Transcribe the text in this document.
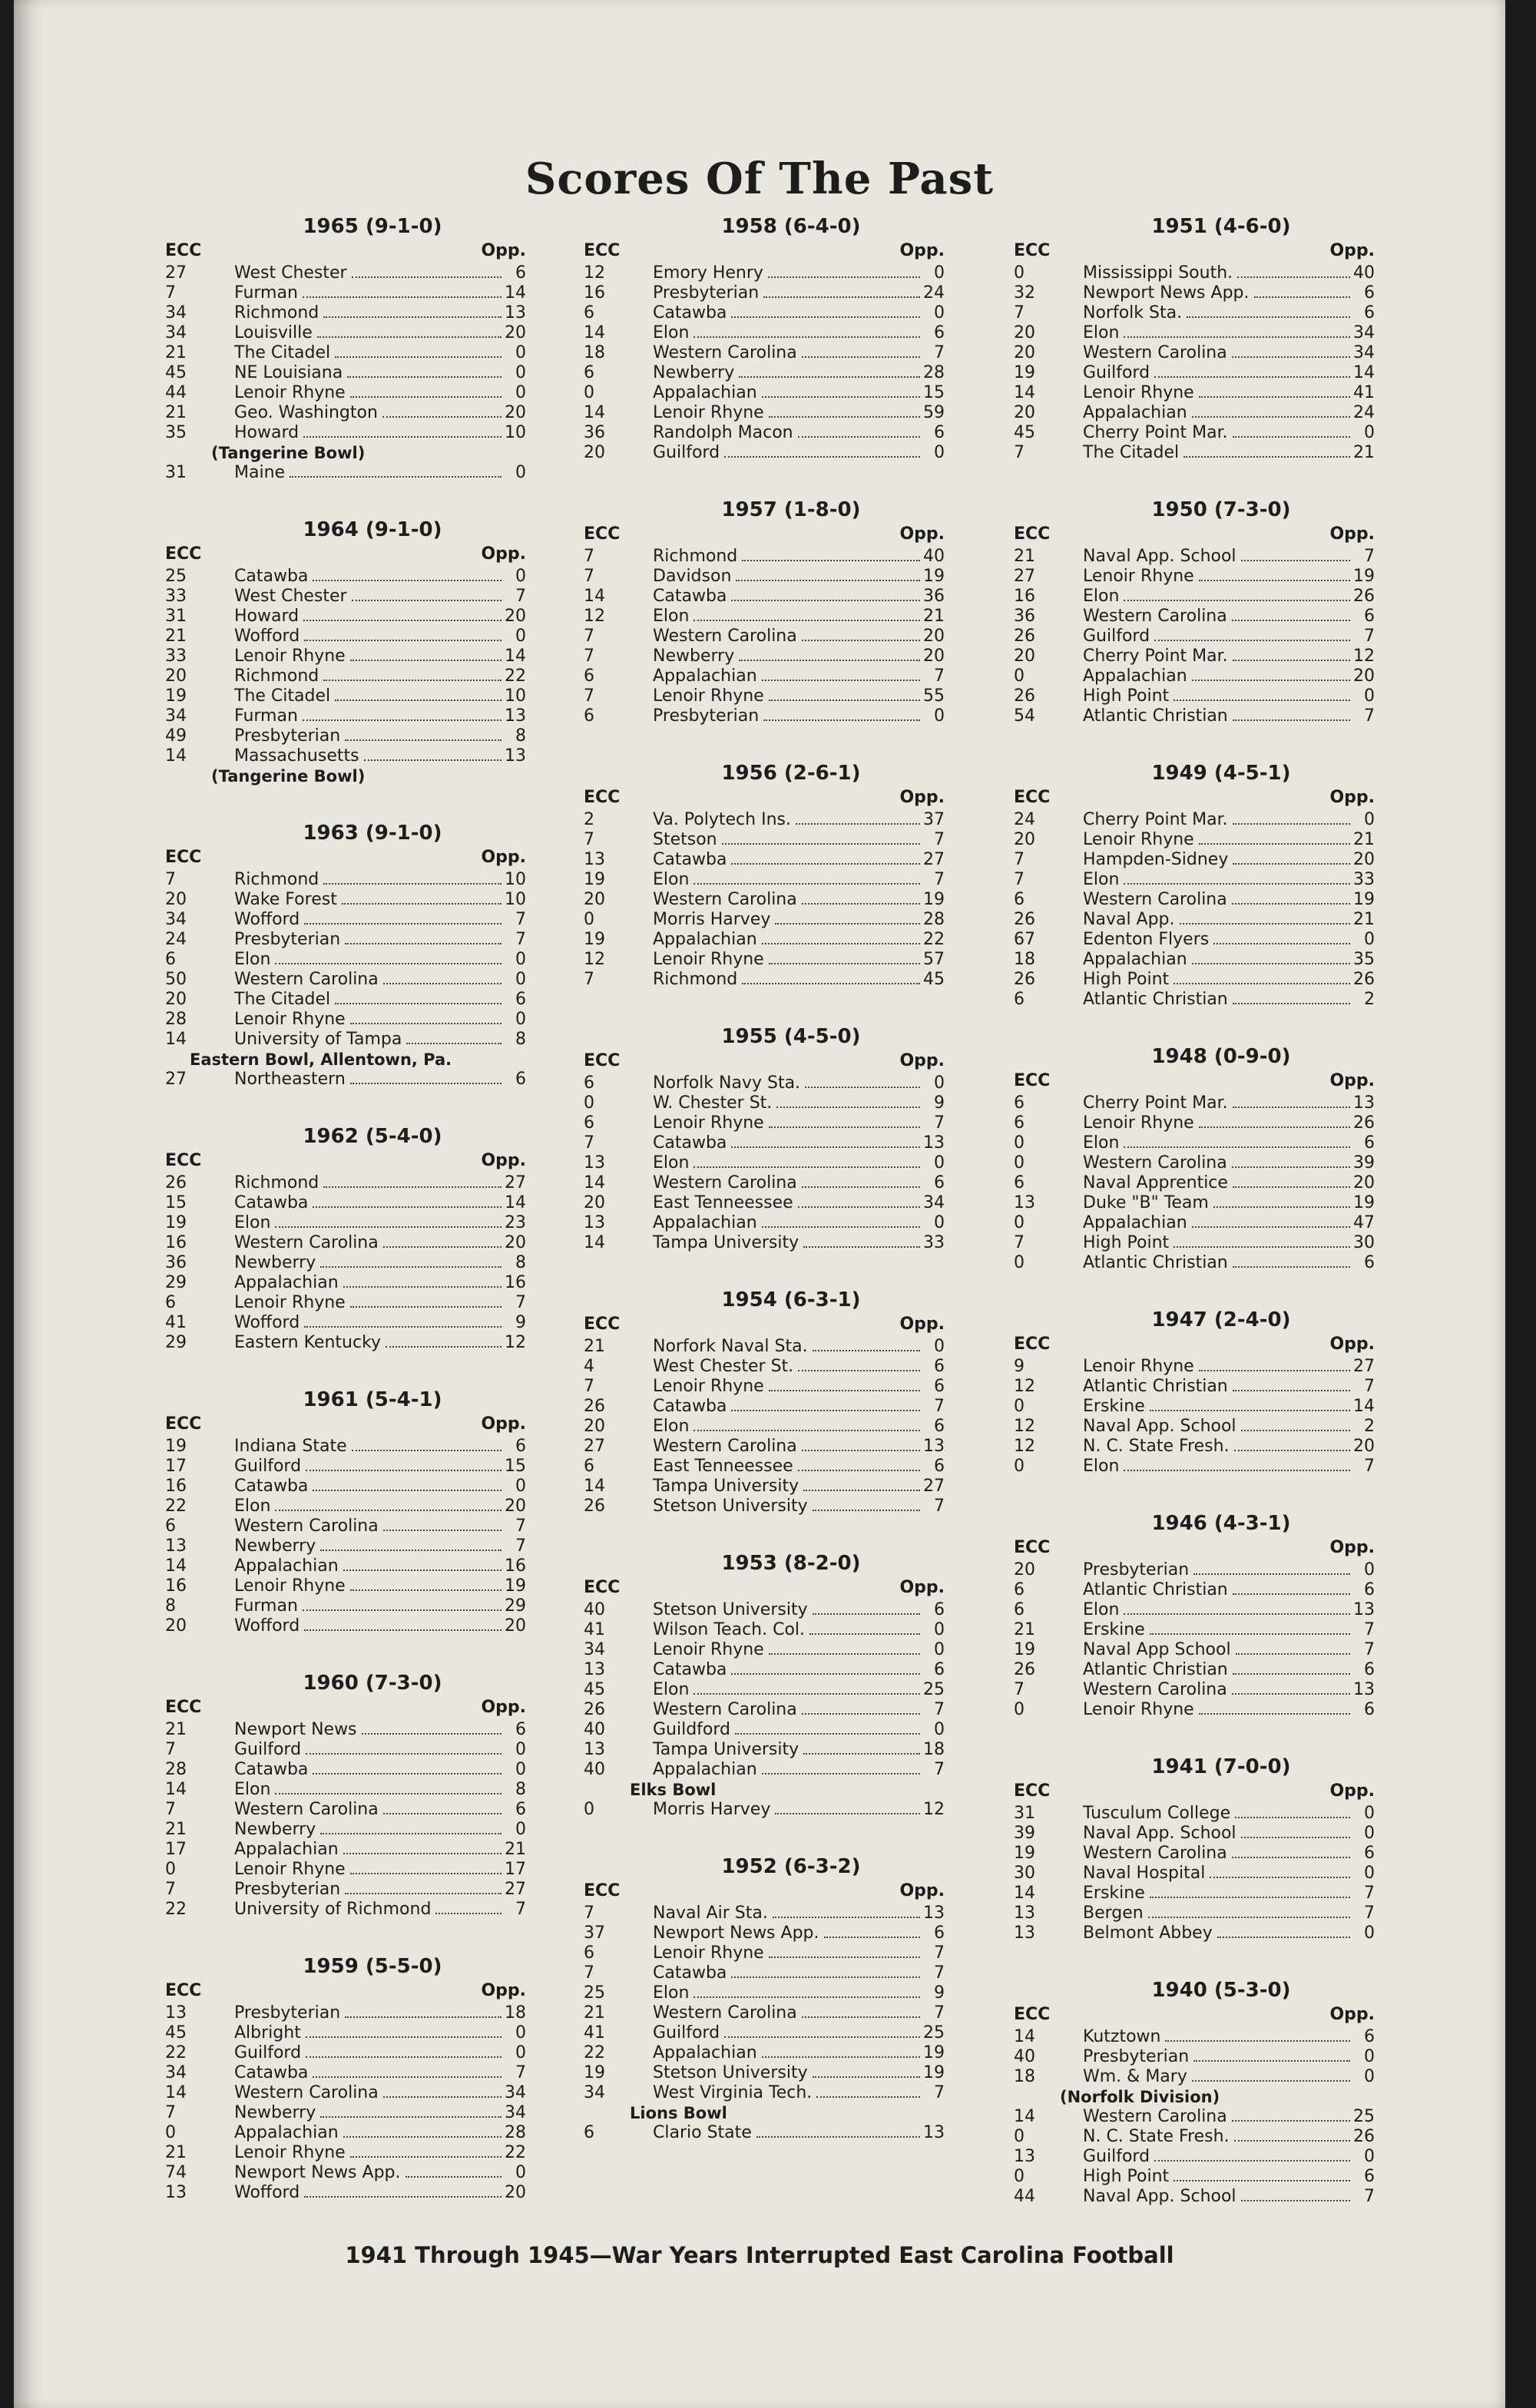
Scores Of The Past
1965 (9-1-0)
ECC	Opp.
27	West Chester	6
7	Furman	14
34	Richmond	13
34	Louisville	20
21	The Citadel	0
45	NE Louisiana	0
44	Lenoir Rhyne	0
21	Geo. Washington	20
35	Howard	10
(Tangerine Bowl)
31	Maine	0
1964 (9-1-0)
ECC	Opp.
25	Catawba	0
33	West Chester	7
31	Howard	20
21	Wofford	0
33	Lenoir Rhyne	14
20	Richmond	22
19	The Citadel	10
34	Furman	13
49	Presbyterian	8
14	Massachusetts	13
(Tangerine Bowl)
1963 (9-1-0)
ECC	Opp.
7	Richmond	10
20	Wake Forest	10
34	Wofford	7
24	Presbyterian	7
6	Elon	0
50	Western Carolina	0
20	The Citadel	6
28	Lenoir Rhyne	0
14	University of Tampa	8
Eastern Bowl, Allentown, Pa.
27	Northeastern	6
1962 (5-4-0)
ECC	Opp.
26	Richmond	27
15	Catawba	14
19	Elon	23
16	Western Carolina	20
36	Newberry	8
29	Appalachian	16
6	Lenoir Rhyne	7
41	Wofford	9
29	Eastern Kentucky	12
1961 (5-4-1)
ECC	Opp.
19	Indiana State	6
17	Guilford	15
16	Catawba	0
22	Elon	20
6	Western Carolina	7
13	Newberry	7
14	Appalachian	16
16	Lenoir Rhyne	19
8	Furman	29
20	Wofford	20
1960 (7-3-0)
ECC	Opp.
21	Newport News	6
7	Guilford	0
28	Catawba	0
14	Elon	8
7	Western Carolina	6
21	Newberry	0
17	Appalachian	21
0	Lenoir Rhyne	17
7	Presbyterian	27
22	University of Richmond	7
1959 (5-5-0)
ECC	Opp.
13	Presbyterian	18
45	Albright	0
22	Guilford	0
34	Catawba	7
14	Western Carolina	34
7	Newberry	34
0	Appalachian	28
21	Lenoir Rhyne	22
74	Newport News App.	0
13	Wofford	20
1958 (6-4-0)
ECC	Opp.
12	Emory Henry	0
16	Presbyterian	24
6	Catawba	0
14	Elon	6
18	Western Carolina	7
6	Newberry	28
0	Appalachian	15
14	Lenoir Rhyne	59
36	Randolph Macon	6
20	Guilford	0
1957 (1-8-0)
ECC	Opp.
7	Richmond	40
7	Davidson	19
14	Catawba	36
12	Elon	21
7	Western Carolina	20
7	Newberry	20
6	Appalachian	7
7	Lenoir Rhyne	55
6	Presbyterian	0
1956 (2-6-1)
ECC	Opp.
2	Va. Polytech Ins.	37
7	Stetson	7
13	Catawba	27
19	Elon	7
20	Western Carolina	19
0	Morris Harvey	28
19	Appalachian	22
12	Lenoir Rhyne	57
7	Richmond	45
1955 (4-5-0)
ECC	Opp.
6	Norfolk Navy Sta.	0
0	W. Chester St.	9
6	Lenoir Rhyne	7
7	Catawba	13
13	Elon	0
14	Western Carolina	6
20	East Tenneessee	34
13	Appalachian	0
14	Tampa University	33
1954 (6-3-1)
ECC	Opp.
21	Norfork Naval Sta.	0
4	West Chester St.	6
7	Lenoir Rhyne	6
26	Catawba	7
20	Elon	6
27	Western Carolina	13
6	East Tenneessee	6
14	Tampa University	27
26	Stetson University	7
1953 (8-2-0)
ECC	Opp.
40	Stetson University	6
41	Wilson Teach. Col.	0
34	Lenoir Rhyne	0
13	Catawba	6
45	Elon	25
26	Western Carolina	7
40	Guildford	0
13	Tampa University	18
40	Appalachian	7
Elks Bowl
0	Morris Harvey	12
1952 (6-3-2)
ECC	Opp.
7	Naval Air Sta.	13
37	Newport News App.	6
6	Lenoir Rhyne	7
7	Catawba	7
25	Elon	9
21	Western Carolina	7
41	Guilford	25
22	Appalachian	19
19	Stetson University	19
34	West Virginia Tech.	7
Lions Bowl
6	Clario State	13
1951 (4-6-0)
ECC	Opp.
0	Mississippi South.	40
32	Newport News App.	6
7	Norfolk Sta.	6
20	Elon	34
20	Western Carolina	34
19	Guilford	14
14	Lenoir Rhyne	41
20	Appalachian	24
45	Cherry Point Mar.	0
7	The Citadel	21
1950 (7-3-0)
ECC	Opp.
21	Naval App. School	7
27	Lenoir Rhyne	19
16	Elon	26
36	Western Carolina	6
26	Guilford	7
20	Cherry Point Mar.	12
0	Appalachian	20
26	High Point	0
54	Atlantic Christian	7
1949 (4-5-1)
ECC	Opp.
24	Cherry Point Mar.	0
20	Lenoir Rhyne	21
7	Hampden-Sidney	20
7	Elon	33
6	Western Carolina	19
26	Naval App.	21
67	Edenton Flyers	0
18	Appalachian	35
26	High Point	26
6	Atlantic Christian	2
1948 (0-9-0)
ECC	Opp.
6	Cherry Point Mar.	13
6	Lenoir Rhyne	26
0	Elon	6
0	Western Carolina	39
6	Naval Apprentice	20
13	Duke "B" Team	19
0	Appalachian	47
7	High Point	30
0	Atlantic Christian	6
1947 (2-4-0)
ECC	Opp.
9	Lenoir Rhyne	27
12	Atlantic Christian	7
0	Erskine	14
12	Naval App. School	2
12	N. C. State Fresh.	20
0	Elon	7
1946 (4-3-1)
ECC	Opp.
20	Presbyterian	0
6	Atlantic Christian	6
6	Elon	13
21	Erskine	7
19	Naval App School	7
26	Atlantic Christian	6
7	Western Carolina	13
0	Lenoir Rhyne	6
1941 (7-0-0)
ECC	Opp.
31	Tusculum College	0
39	Naval App. School	0
19	Western Carolina	6
30	Naval Hospital	0
14	Erskine	7
13	Bergen	7
13	Belmont Abbey	0
1940 (5-3-0)
ECC	Opp.
14	Kutztown	6
40	Presbyterian	0
18	Wm. & Mary	0
(Norfolk Division)
14	Western Carolina	25
0	N. C. State Fresh.	26
13	Guilford	0
0	High Point	6
44	Naval App. School	7
1941 Through 1945—War Years Interrupted East Carolina Football
